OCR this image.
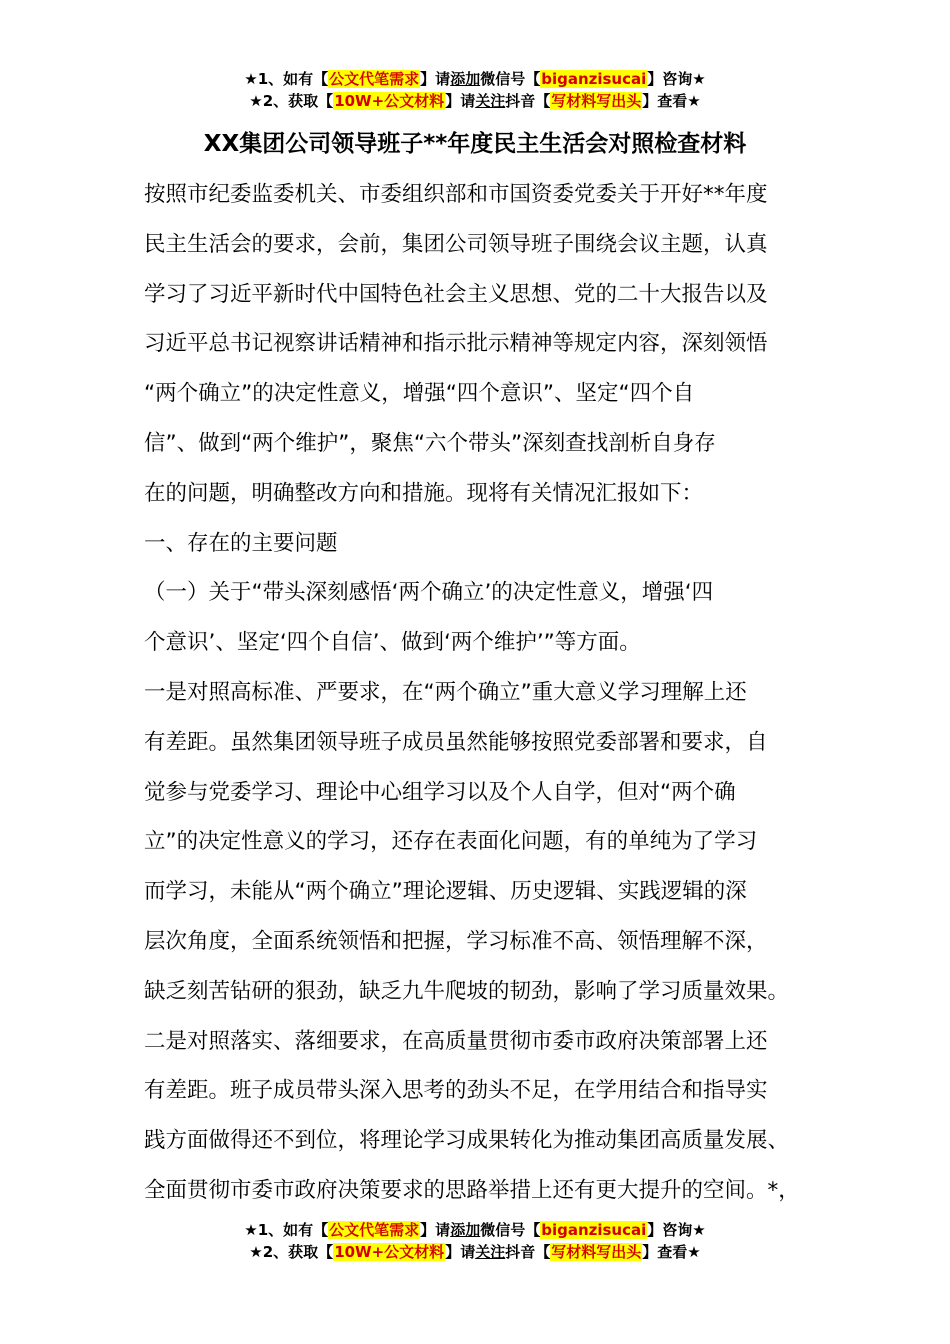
★1、如有【公文代笔需求】请添加微信号【biganzisucai】咨询★
★2、获取【10W+公文材料】请关注抖音【写材料写出头】查看★
XX集团公司领导班子**年度民主生活会对照检查材料
按照市纪委监委机关、市委组织部和市国资委党委关于开好**年度
民主生活会的要求，会前，集团公司领导班子围绕会议主题，认真
学习了习近平新时代中国特色社会主义思想、党的二十大报告以及
习近平总书记视察讲话精神和指示批示精神等规定内容，深刻领悟
“两个确立”的决定性意义，增强“四个意识”、坚定“四个自
信”、做到“两个维护”，聚焦“六个带头”深刻查找剖析自身存
在的问题，明确整改方向和措施。现将有关情况汇报如下：
一、存在的主要问题
（一）关于“带头深刻感悟‘两个确立’的决定性意义，增强‘四
个意识’、坚定‘四个自信’、做到‘两个维护’”等方面。
一是对照高标准、严要求，在“两个确立”重大意义学习理解上还
有差距。虽然集团领导班子成员虽然能够按照党委部署和要求，自
觉参与党委学习、理论中心组学习以及个人自学，但对“两个确
立”的决定性意义的学习，还存在表面化问题，有的单纯为了学习
而学习，未能从“两个确立”理论逻辑、历史逻辑、实践逻辑的深
层次角度，全面系统领悟和把握，学习标准不高、领悟理解不深，
缺乏刻苦钻研的狠劲，缺乏九牛爬坡的韧劲，影响了学习质量效果。
二是对照落实、落细要求，在高质量贯彻市委市政府决策部署上还
有差距。班子成员带头深入思考的劲头不足，在学用结合和指导实
践方面做得还不到位，将理论学习成果转化为推动集团高质量发展、
全面贯彻市委市政府决策要求的思路举措上还有更大提升的空间。*，
★1、如有【公文代笔需求】请添加微信号【biganzisucai】咨询★
★2、获取【10W+公文材料】请关注抖音【写材料写出头】查看★
